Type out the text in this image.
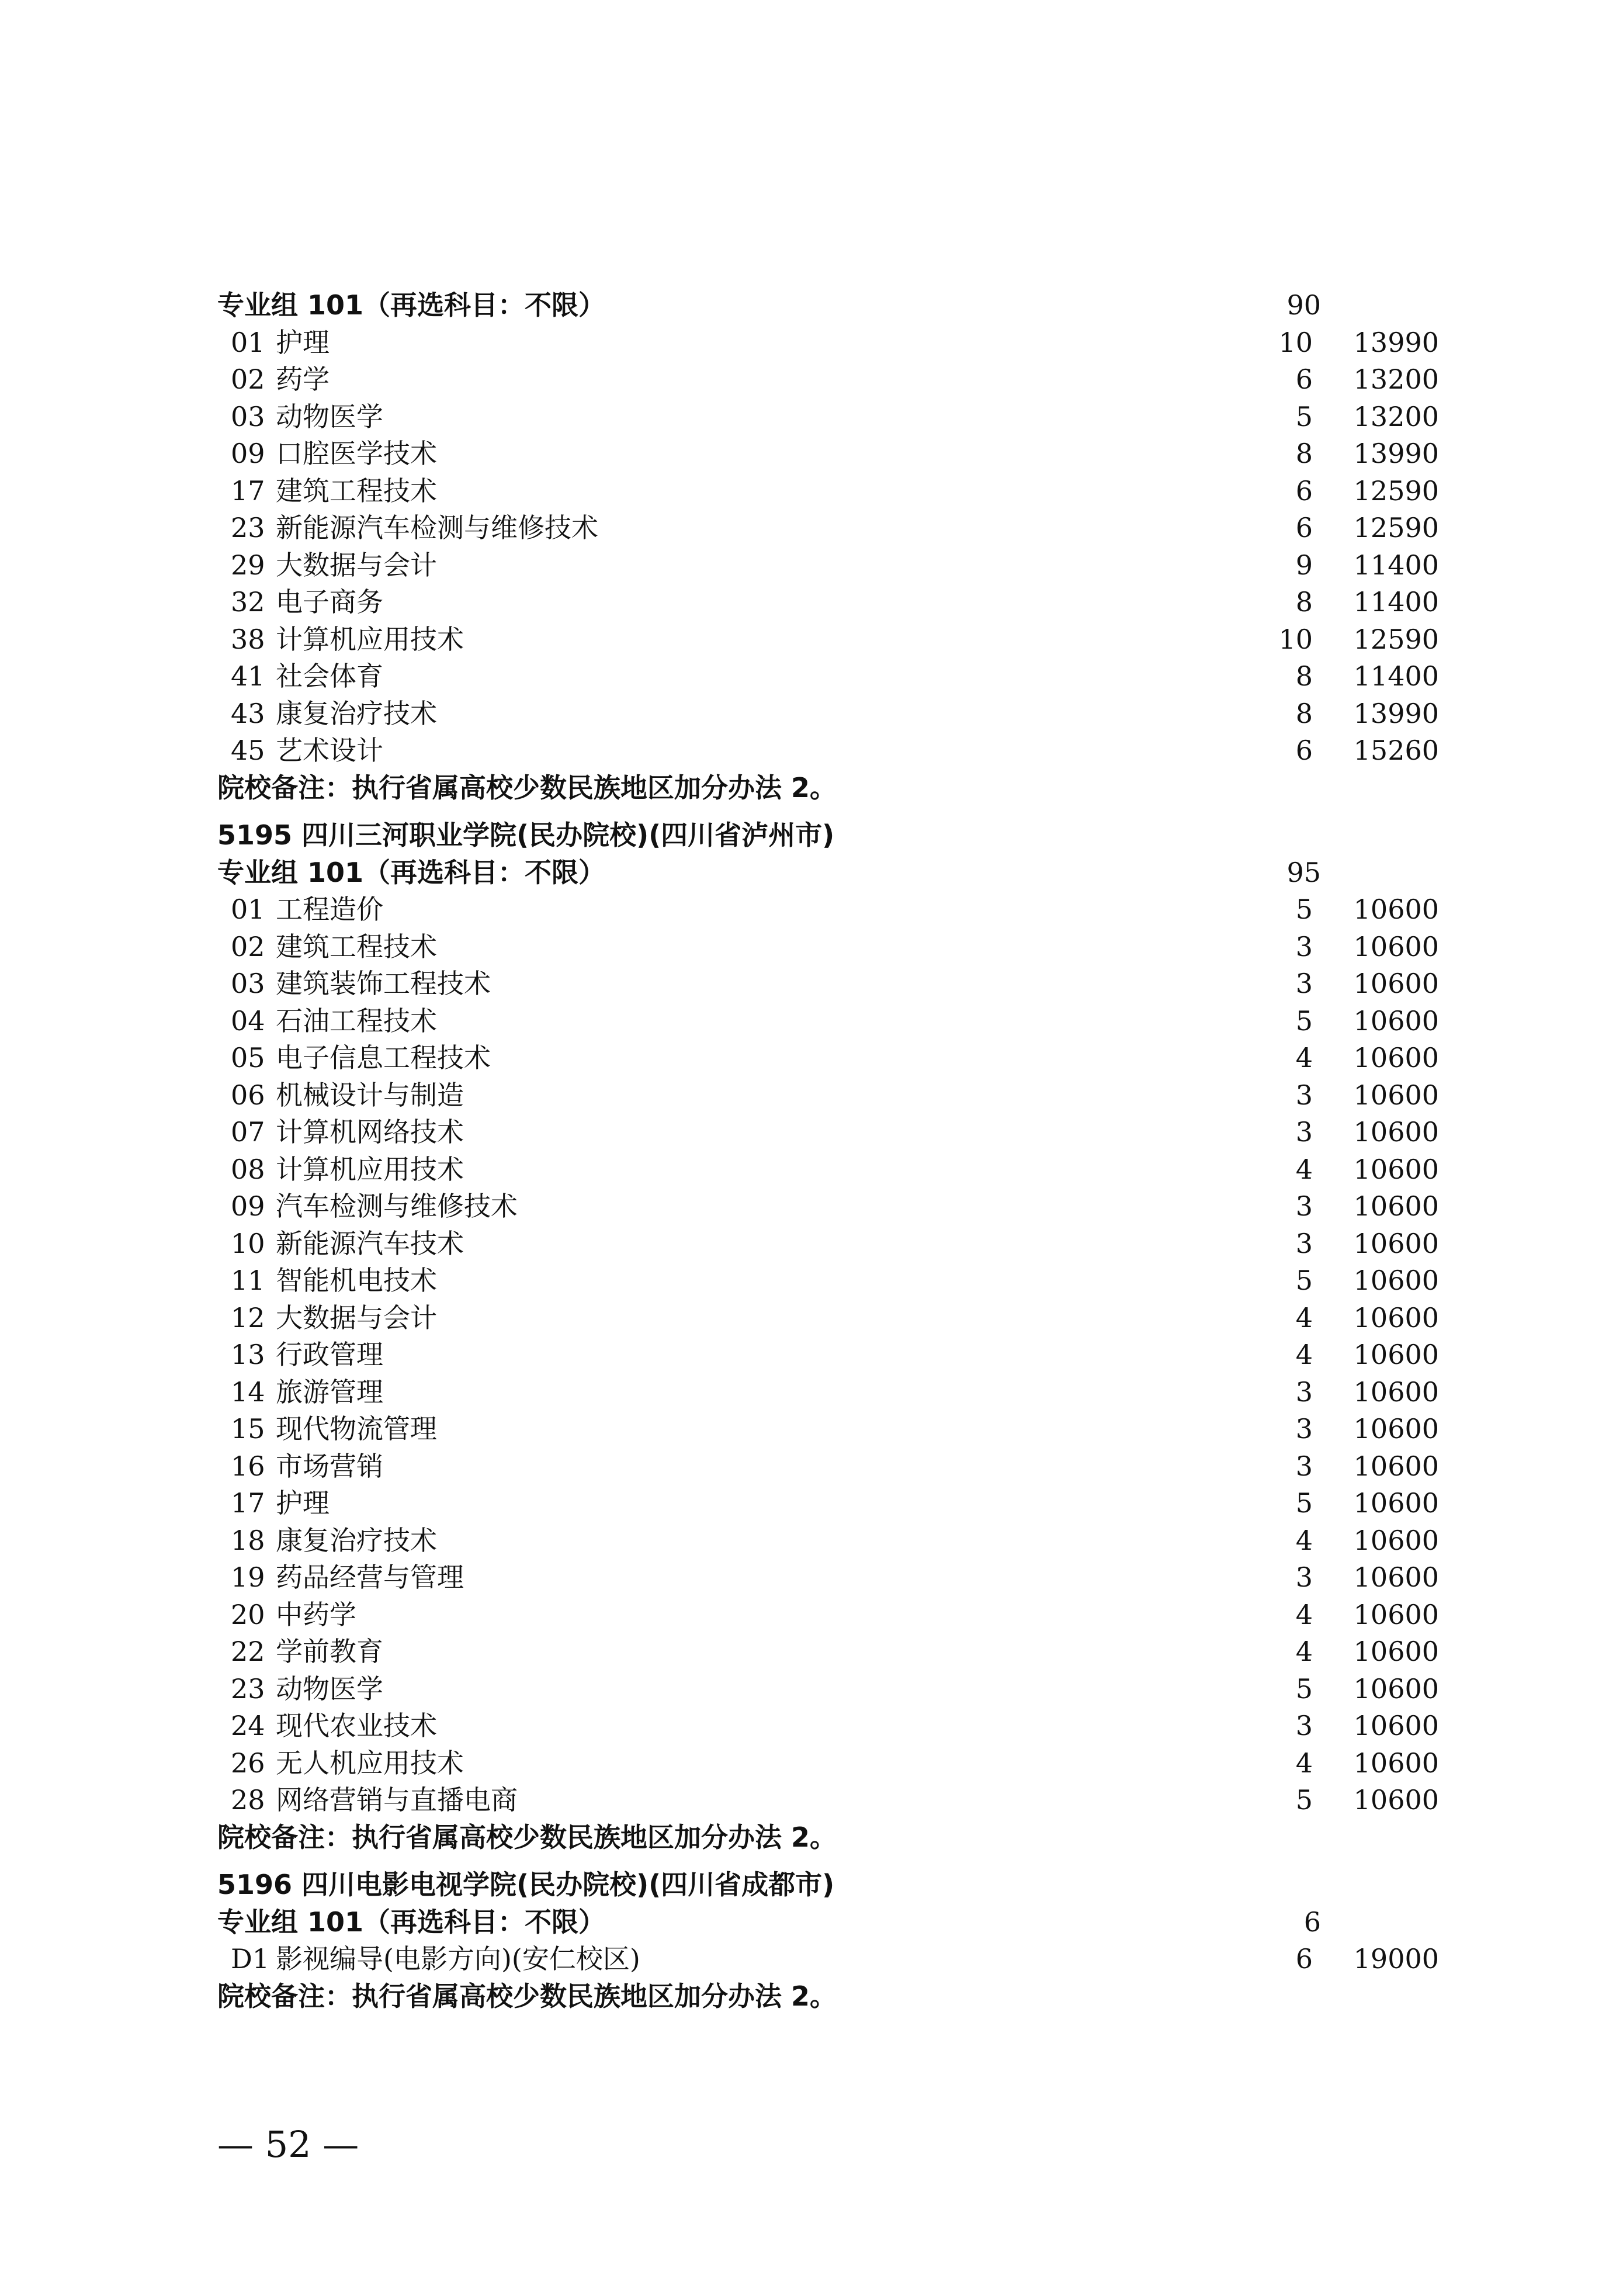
专业组 101（再选科目：不限）	90
01 护理	10	13990
02 药学	6	13200
03 动物医学	5	13200
09 口腔医学技术	8	13990
17 建筑工程技术	6	12590
23 新能源汽车检测与维修技术	6	12590
29 大数据与会计	9	11400
32 电子商务	8	11400
38 计算机应用技术	10	12590
41 社会体育	8	11400
43 康复治疗技术	8	13990
45 艺术设计	6	15260
院校备注：执行省属高校少数民族地区加分办法 2。
5195 四川三河职业学院(民办院校)(四川省泸州市)
专业组 101（再选科目：不限）	95
01 工程造价	5	10600
02 建筑工程技术	3	10600
03 建筑装饰工程技术	3	10600
04 石油工程技术	5	10600
05 电子信息工程技术	4	10600
06 机械设计与制造	3	10600
07 计算机网络技术	3	10600
08 计算机应用技术	4	10600
09 汽车检测与维修技术	3	10600
10 新能源汽车技术	3	10600
11 智能机电技术	5	10600
12 大数据与会计	4	10600
13 行政管理	4	10600
14 旅游管理	3	10600
15 现代物流管理	3	10600
16 市场营销	3	10600
17 护理	5	10600
18 康复治疗技术	4	10600
19 药品经营与管理	3	10600
20 中药学	4	10600
22 学前教育	4	10600
23 动物医学	5	10600
24 现代农业技术	3	10600
26 无人机应用技术	4	10600
28 网络营销与直播电商	5	10600
院校备注：执行省属高校少数民族地区加分办法 2。
5196 四川电影电视学院(民办院校)(四川省成都市)
专业组 101（再选科目：不限）	6
D1 影视编导(电影方向)(安仁校区)	6	19000
院校备注：执行省属高校少数民族地区加分办法 2。
— 52 —
